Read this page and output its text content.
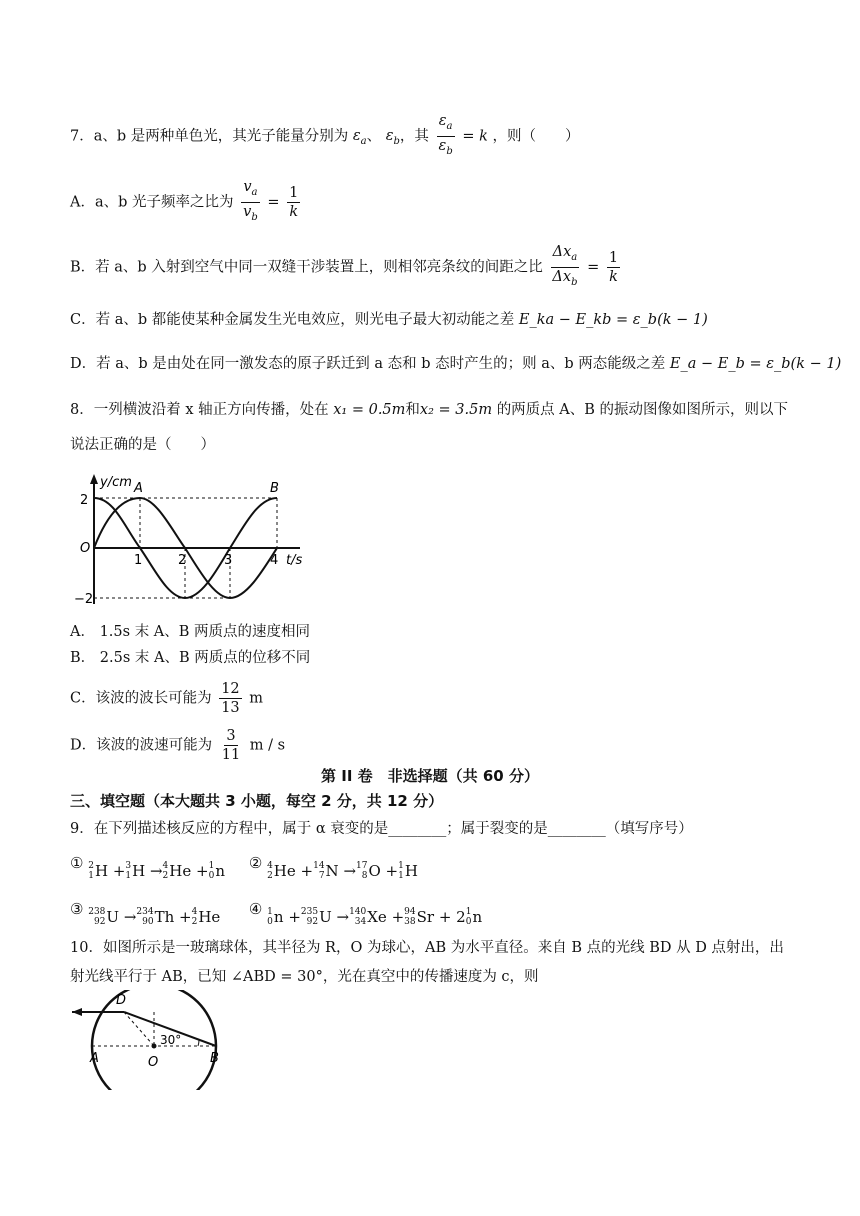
7．a、b 是两种单色光，其光子能量分别为 $\varepsilon_a$、 $\varepsilon_b$，其 $\frac{\varepsilon_a}{\varepsilon_b} = k$ ，则（　　）
A．a、b 光子频率之比为 $\frac{v_a}{v_b} = \frac{1}{k}$
B．若 a、b 入射到空气中同一双缝干涉装置上，则相邻亮条纹的间距之比 $\frac{\Delta x_a}{\Delta x_b} = \frac{1}{k}$
C．若 a、b 都能使某种金属发生光电效应，则光电子最大初动能之差 E_ka − E_kb = ε_b(k − 1)
D．若 a、b 是由处在同一激发态的原子跃迁到 a 态和 b 态时产生的；则 a、b 两态能级之差 E_a − E_b = ε_b(k − 1)
8．一列横波沿着 x 轴正方向传播，处在 x₁ = 0.5m和x₂ = 3.5m 的两质点 A、B 的振动图像如图所示，则以下
说法正确的是（　　）
y/cm A	B
2
−2
O
1	2	3	4 t/s
A． 1.5s 末 A、B 两质点的速度相同
B． 2.5s 末 A、B 两质点的位移不同
C．该波的波长可能为 $\frac{12}{13}$ m
D．该波的波速可能为 $\frac{3}{11}$ m / s
第 II 卷　非选择题（共 60 分）
三、填空题（本大题共 3 小题，每空 2 分，共 12 分）
9．在下列描述核反应的方程中，属于 α 衰变的是________；属于裂变的是________（填写序号）
① 2
1 H + 3
1 H → 4
2 He + 1
0 n     ② 4
2 He + 14
7 N → 17
8 O + 1
1 H
③ 238
92 U → 234
90 Th + 4
2 He      ④ 1
0 n + 235
92 U → 140
34 Xe + 94
38 Sr + 2 1
0 n
10．如图所示是一玻璃球体，其半径为 R，O 为球心，AB 为水平直径。来自 B 点的光线 BD 从 D 点射出，出
射光线平行于 AB，已知 ∠ABD = 30°，光在真空中的传播速度为 c，则
D
A	O	B
30°
